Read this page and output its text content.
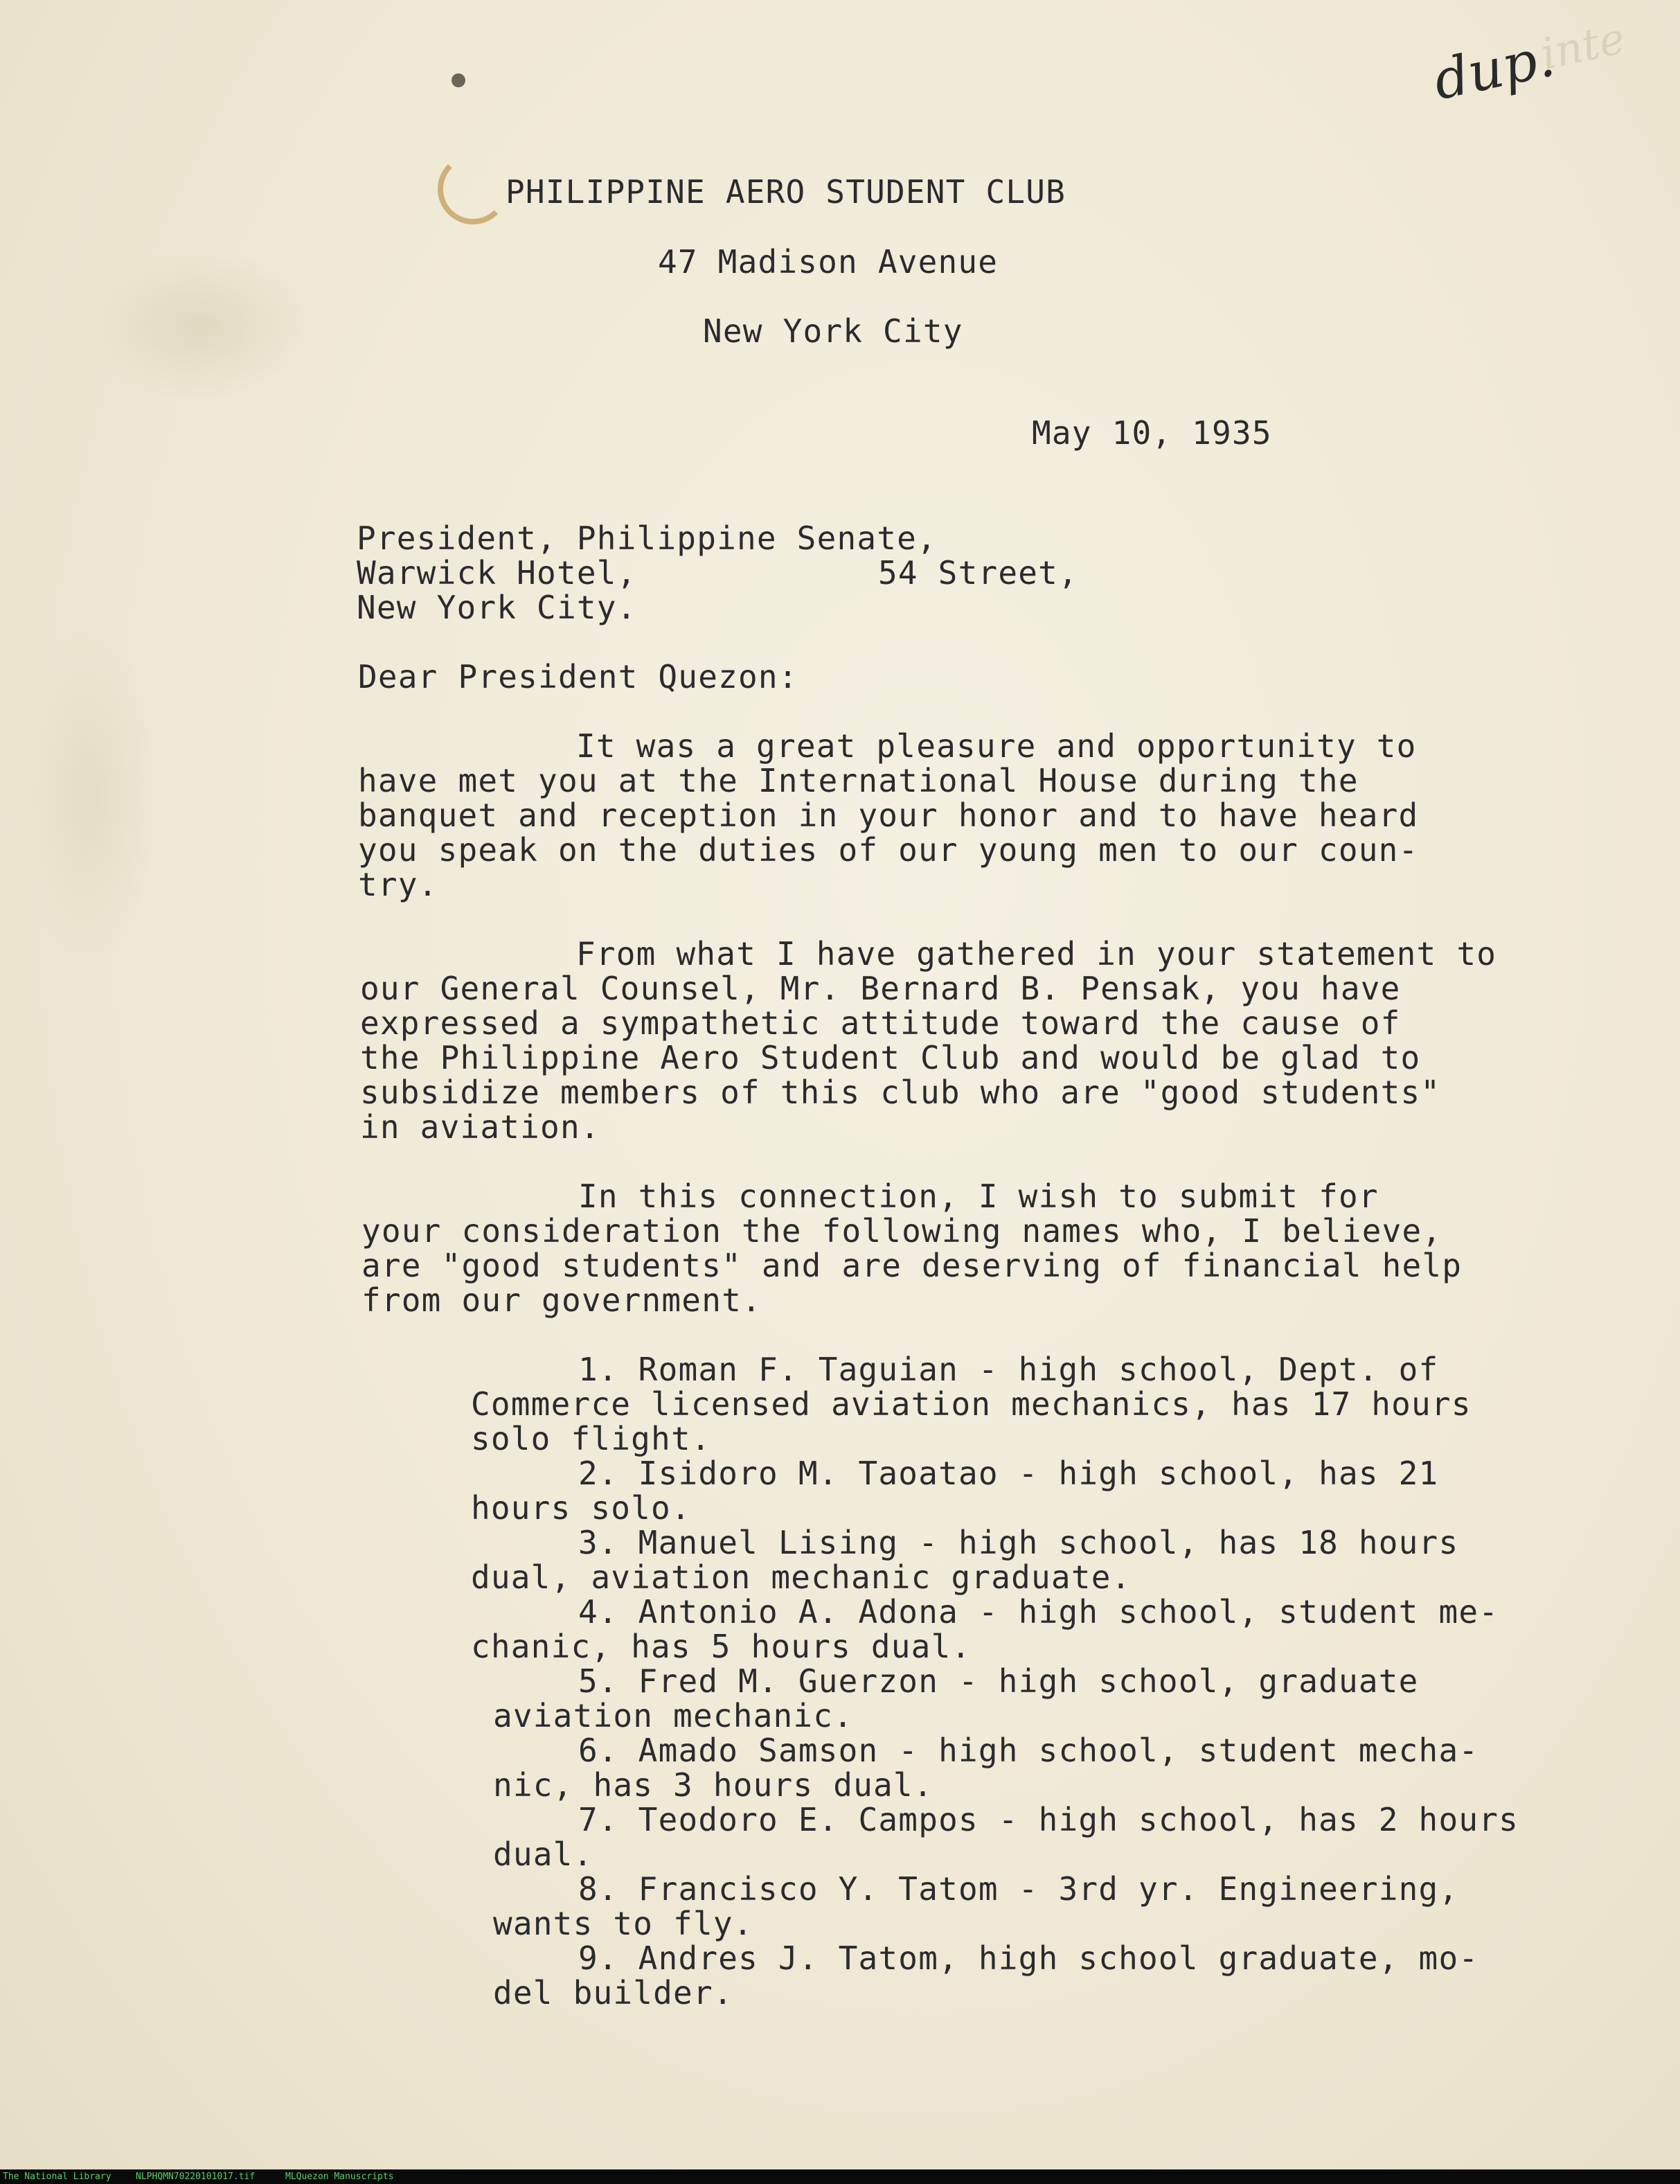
dup.
inte
PHILIPPINE AERO STUDENT CLUB
47 Madison Avenue
New York City
May 10, 1935
President, Philippine Senate,
Warwick Hotel,	54 Street,
New York City.
Dear President Quezon:
It was a great pleasure and opportunity to
have met you at the International House during the
banquet and reception in your honor and to have heard
you speak on the duties of our young men to our coun-
try.
From what I have gathered in your statement to
our General Counsel, Mr. Bernard B. Pensak, you have
expressed a sympathetic attitude toward the cause of
the Philippine Aero Student Club and would be glad to
subsidize members of this club who are "good students"
in aviation.
In this connection, I wish to submit for
your consideration the following names who, I believe,
are "good students" and are deserving of financial help
from our government.
1. Roman F. Taguian - high school, Dept. of
Commerce licensed aviation mechanics, has 17 hours
solo flight.
2. Isidoro M. Taoatao - high school, has 21
hours solo.
3. Manuel Lising - high school, has 18 hours
dual, aviation mechanic graduate.
4. Antonio A. Adona - high school, student me-
chanic, has 5 hours dual.
5. Fred M. Guerzon - high school, graduate
aviation mechanic.
6. Amado Samson - high school, student mecha-
nic, has 3 hours dual.
7. Teodoro E. Campos - high school, has 2 hours
dual.
8. Francisco Y. Tatom - 3rd yr. Engineering,
wants to fly.
9. Andres J. Tatom, high school graduate, mo-
del builder.
The National Library	NLPHQMN70220101017.tif	MLQuezon Manuscripts
